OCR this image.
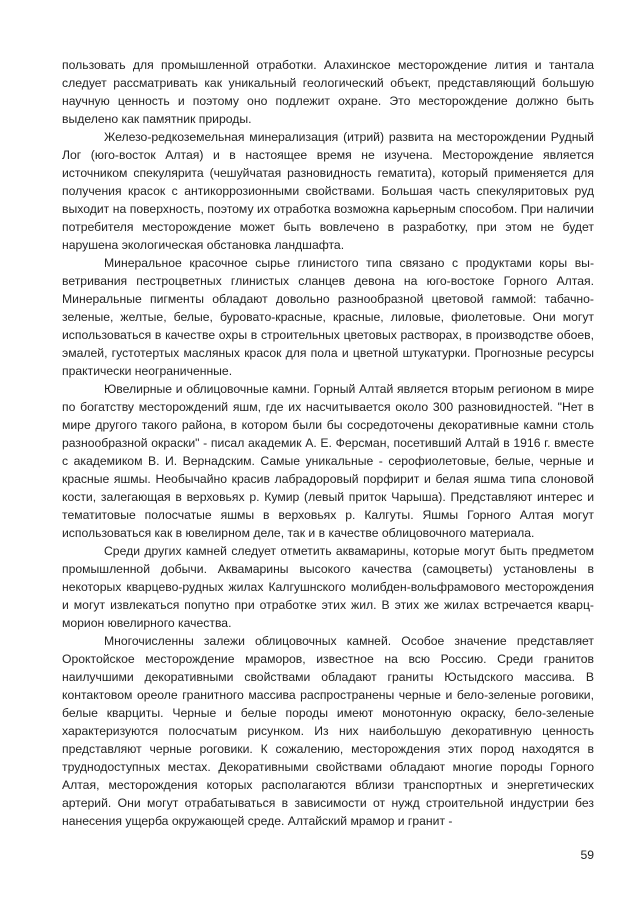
пользовать для промышленной отработки. Алахинское месторождение лития и тантала следует рассматривать как уникальный геологический объект, представляющий большую научную ценность и поэтому оно подлежит охране. Это месторождение должно быть выделено как памятник природы.

Железо-редкоземельная минерализация (итрий) развита на месторождении Рудный Лог (юго-восток Алтая) и в настоящее время не изучена. Месторождение является источником спекулярита (чешуйчатая разновидность гематита), который применяется для получения красок с антикоррозионными свойствами. Большая часть спекуляритовых руд выходит на поверхность, поэтому их отработка возможна карьерным способом. При наличии потребителя месторождение может быть вовлечено в разработку, при этом не будет нарушена экологическая обстановка ландшафта.

Минеральное красочное сырье глинистого типа связано с продуктами коры выветривания пестроцветных глинистых сланцев девона на юго-востоке Горного Алтая. Минеральные пигменты обладают довольно разнообразной цветовой гаммой: табачно-зеленые, желтые, белые, буровато-красные, красные, лиловые, фиолетовые. Они могут использоваться в качестве охры в строительных цветовых растворах, в производстве обоев, эмалей, густотертых масляных красок для пола и цветной штукатурки. Прогнозные ресурсы практически неограниченные.

Ювелирные и облицовочные камни. Горный Алтай является вторым регионом в мире по богатству месторождений яшм, где их насчитывается около 300 разновидностей. "Нет в мире другого такого района, в котором были бы сосредоточены декоративные камни столь разнообразной окраски" - писал академик А. Е. Ферсман, посетивший Алтай в 1916 г. вместе с академиком В. И. Вернадским. Самые уникальные - серофиолетовые, белые, черные и красные яшмы. Необычайно красив лабрадоровый порфирит и белая яшма типа слоновой кости, залегающая в верховьях р. Кумир (левый приток Чарыша). Представляют интерес и тематитовые полосчатые яшмы в верховьях р. Калгуты. Яшмы Горного Алтая могут использоваться как в ювелирном деле, так и в качестве облицовочного материала.

Среди других камней следует отметить аквамарины, которые могут быть предметом промышленной добычи. Аквамарины высокого качества (самоцветы) установлены в некоторых кварцево-рудных жилах Калгушнского молибден-вольфрамового месторождения и могут извлекаться попутно при отработке этих жил. В этих же жилах встречается кварц-морион ювелирного качества.

Многочисленны залежи облицовочных камней. Особое значение представляет Ороктойское месторождение мраморов, известное на всю Россию. Среди гранитов наилучшими декоративными свойствами обладают граниты Юстыдского массива. В контактовом ореоле гранитного массива распространены черные и бело-зеленые роговики, белые кварциты. Черные и белые породы имеют монотонную окраску, бело-зеленые характеризуются полосчатым рисунком. Из них наибольшую декоративную ценность представляют черные роговики. К сожалению, месторождения этих пород находятся в труднодоступных местах. Декоративными свойствами обладают многие породы Горного Алтая, месторождения которых располагаются вблизи транспортных и энергетических артерий. Они могут отрабатываться в зависимости от нужд строительной индустрии без нанесения ущерба окружающей среде. Алтайский мрамор и гранит -

59
